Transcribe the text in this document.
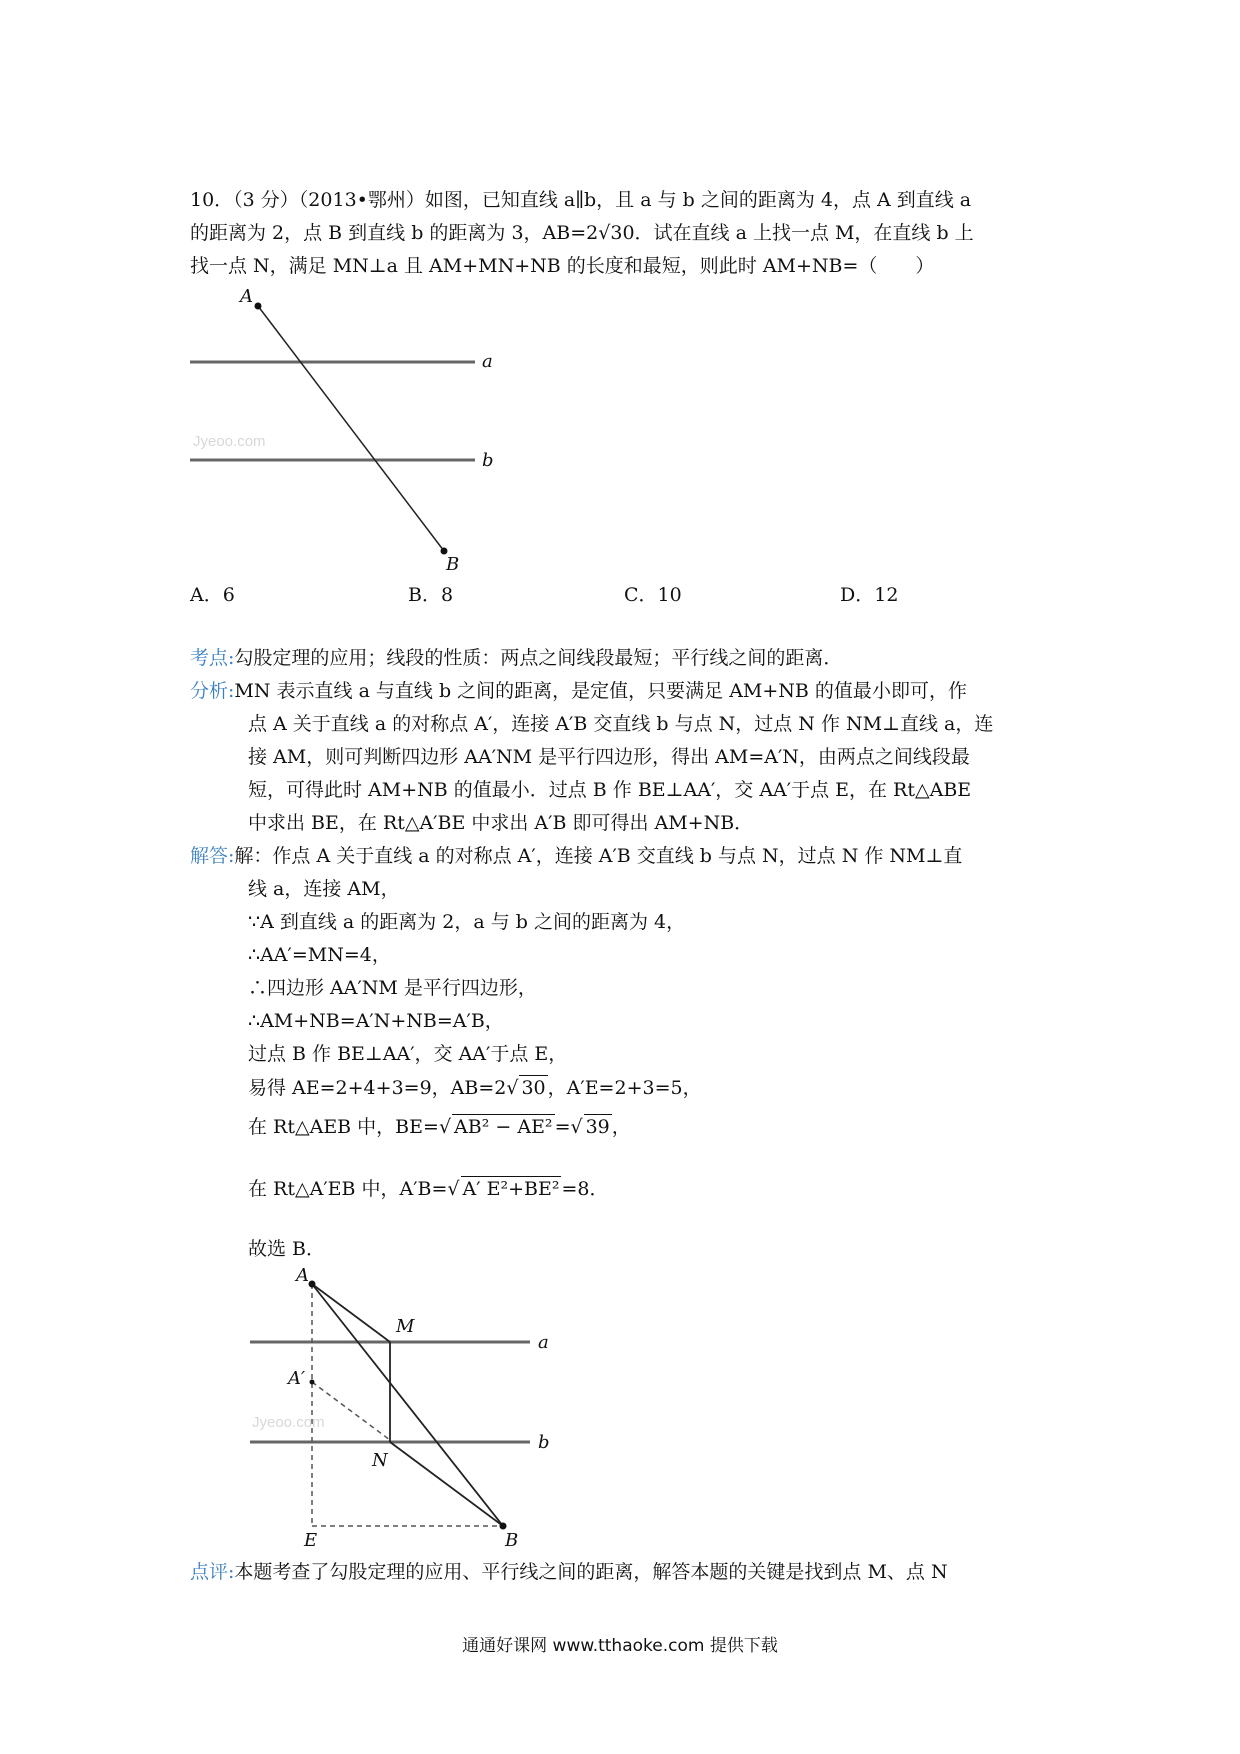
10．（3 分）（2013•鄂州）如图，已知直线 a∥b，且 a 与 b 之间的距离为 4，点 A 到直线 a
的距离为 2，点 B 到直线 b 的距离为 3，AB=2√30．试在直线 a 上找一点 M，在直线 b 上
找一点 N，满足 MN⊥a 且 AM+MN+NB 的长度和最短，则此时 AM+NB=（　　）
A
B
a
b
Jyeoo.com
A．6	B．8	C．10	D．12
考点:勾股定理的应用；线段的性质：两点之间线段最短；平行线之间的距离．
分析:MN 表示直线 a 与直线 b 之间的距离，是定值，只要满足 AM+NB 的值最小即可，作
点 A 关于直线 a 的对称点 A′，连接 A′B 交直线 b 与点 N，过点 N 作 NM⊥直线 a，连
接 AM，则可判断四边形 AA′NM 是平行四边形，得出 AM=A′N，由两点之间线段最
短，可得此时 AM+NB 的值最小．过点 B 作 BE⊥AA′，交 AA′于点 E，在 Rt△ABE
中求出 BE，在 Rt△A′BE 中求出 A′B 即可得出 AM+NB．
解答:解：作点 A 关于直线 a 的对称点 A′，连接 A′B 交直线 b 与点 N，过点 N 作 NM⊥直
线 a，连接 AM，
∵A 到直线 a 的距离为 2，a 与 b 之间的距离为 4，
∴AA′=MN=4，
∴四边形 AA′NM 是平行四边形，
∴AM+NB=A′N+NB=A′B，
过点 B 作 BE⊥AA′，交 AA′于点 E，
易得 AE=2+4+3=9，AB=2√ 30 ，A′E=2+3=5，
在 Rt△AEB 中，BE=√ AB² − AE² =√ 39 ，
在 Rt△A′EB 中，A′B=√ A′ E²+BE² =8．
故选 B．
A
M
a
A′
Jyeoo.com
N
b
E	B
点评:本题考查了勾股定理的应用、平行线之间的距离，解答本题的关键是找到点 M、点 N
通通好课网 www.tthaoke.com 提供下载
